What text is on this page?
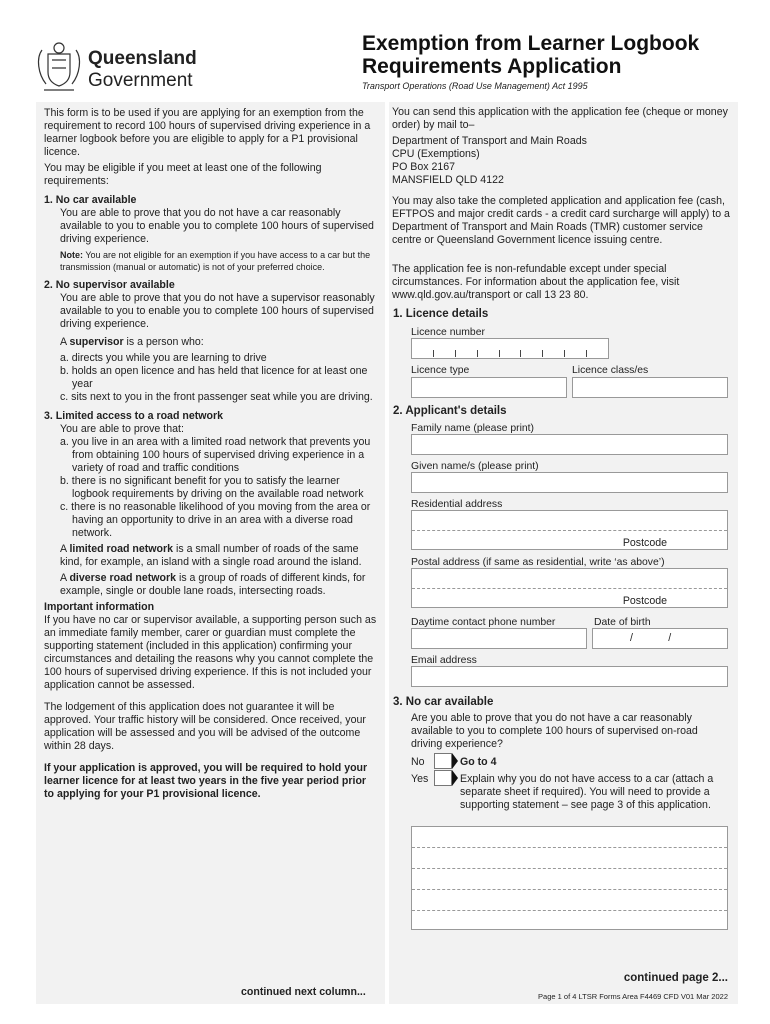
Queensland
Government
Exemption from Learner Logbook
Requirements Application
Transport Operations (Road Use Management) Act 1995

This form is to be used if you are applying for an exemption from the requirement to record 100 hours of supervised driving experience in a learner logbook before you are eligible to apply for a P1 provisional licence.

You may be eligible if you meet at least one of the following requirements:

1. No car available

You are able to prove that you do not have a car reasonably available to you to enable you to complete 100 hours of supervised driving experience.

Note: You are not eligible for an exemption if you have access to a car but the transmission (manual or automatic) is not of your preferred choice.

2. No supervisor available

You are able to prove that you do not have a supervisor reasonably available to you to enable you to complete 100 hours of supervised driving experience.

A supervisor is a person who:

a. directs you while you are learning to drive
b. holds an open licence and has held that licence for at least one year
c. sits next to you in the front passenger seat while you are driving.
3. Limited access to a road network

You are able to prove that:

a. you live in an area with a limited road network that prevents you from obtaining 100 hours of supervised driving experience in a variety of road and traffic conditions
b. there is no significant benefit for you to satisfy the learner logbook requirements by driving on the available road network
c. there is no reasonable likelihood of you moving from the area or having an opportunity to drive in an area with a diverse road network.

A limited road network is a small number of roads of the same kind, for example, an island with a single road around the island.

A diverse road network is a group of roads of different kinds, for example, single or double lane roads, intersecting roads.

Important information

If you have no car or supervisor available, a supporting person such as an immediate family member, carer or guardian must complete the supporting statement (included in this application) confirming your circumstances and detailing the reasons why you cannot complete the 100 hours of supervised driving experience. If this is not included your application cannot be assessed.

The lodgement of this application does not guarantee it will be approved. Your traffic history will be considered. Once received, your application will be assessed and you will be advised of the outcome within 28 days.

If your application is approved, you will be required to hold your learner licence for at least two years in the five year period prior to applying for your P1 provisional licence.

continued next column...
You can send this application with the application fee (cheque or money order) by mail to–
Department of Transport and Main Roads
CPU (Exemptions)
PO Box 2167
MANSFIELD QLD 4122
You may also take the completed application and application fee (cash, EFTPOS and major credit cards - a credit card surcharge will apply) to a Department of Transport and Main Roads (TMR) customer service centre or Queensland Government licence issuing centre.
The application fee is non-refundable except under special circumstances. For information about the application fee, visit www.qld.gov.au/transport or call 13 23 80.
1. Licence details
Licence number
Licence type	Licence class/es
2. Applicant's details
Family name (please print)
Given name/s (please print)
Residential address
Postcode
Postal address (if same as residential, write ‘as above’)
Postcode
Daytime contact phone number	Date of birth
/            /
Email address
3. No car available
Are you able to prove that you do not have a car reasonably available to you to complete 100 hours of supervised on-road driving experience?
No	Go to 4
Yes	Explain why you do not have access to a car (attach a separate sheet if required). You will need to provide a supporting statement – see page 3 of this application.
continued page 2...
Page 1 of 4 LTSR Forms Area F4469 CFD V01 Mar 2022
